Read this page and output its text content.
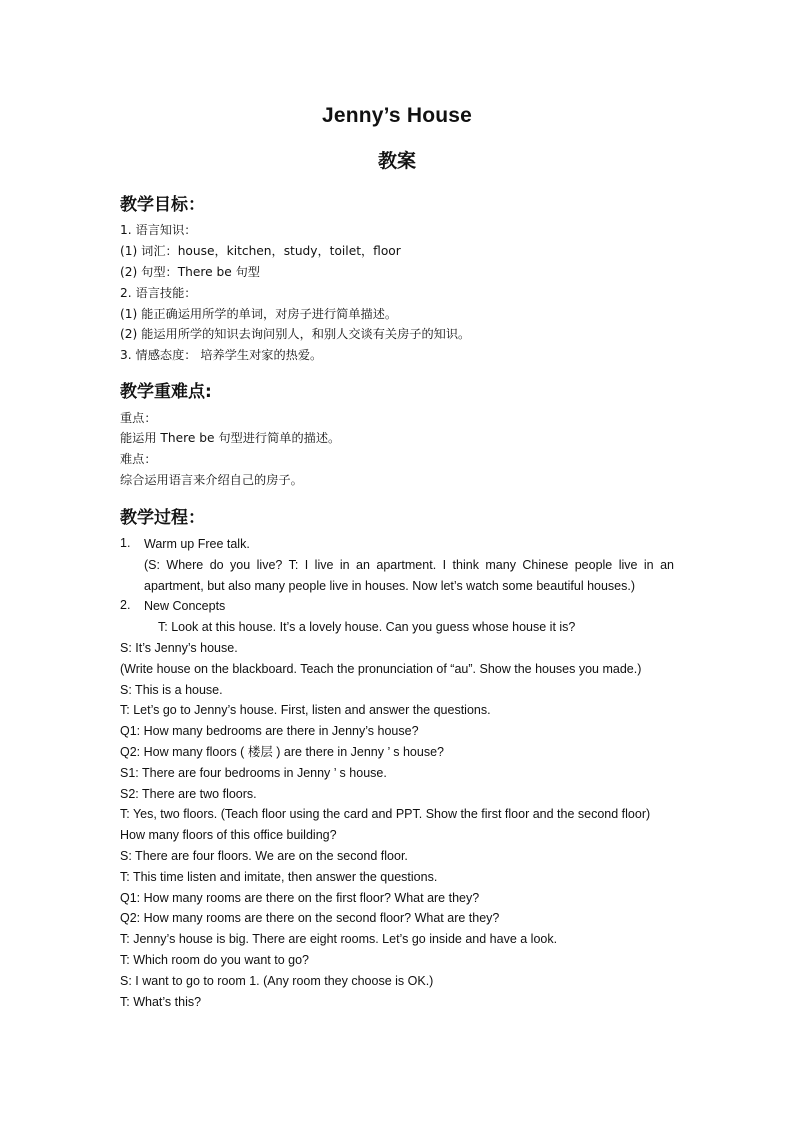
Jenny’s House
教案
教学目标：
1. 语言知识：
(1) 词汇：house，kitchen，study，toilet，floor
(2) 句型：There be 句型
2. 语言技能：
(1) 能正确运用所学的单词，对房子进行简单描述。
(2) 能运用所学的知识去询问别人，和别人交谈有关房子的知识。
3. 情感态度： 培养学生对家的热爱。
教学重难点:
重点：
能运用 There be 句型进行简单的描述。
难点：
综合运用语言来介绍自己的房子。
教学过程：
1. Warm up Free talk.
(S: Where do you live? T: I live in an apartment. I think many Chinese people live in an
apartment, but also many people live in houses. Now let’s watch some beautiful houses.)
2. New Concepts
T: Look at this house. It’s a lovely house. Can you guess whose house it is?
S: It’s Jenny’s house.
(Write house on the blackboard. Teach the pronunciation of “au”. Show the houses you made.)
S: This is a house.
T: Let’s go to Jenny’s house. First, listen and answer the questions.
Q1: How many bedrooms are there in Jenny’s house?
Q2: How many floors ( 楼层 ) are there in Jenny ’ s house?
S1: There are four bedrooms in Jenny ’ s house.
S2: There are two floors.
T: Yes, two floors. (Teach floor using the card and PPT. Show the first floor and the second floor)
How many floors of this office building?
S: There are four floors. We are on the second floor.
T: This time listen and imitate, then answer the questions.
Q1: How many rooms are there on the first floor? What are they?
Q2: How many rooms are there on the second floor? What are they?
T: Jenny’s house is big. There are eight rooms. Let’s go inside and have a look.
T: Which room do you want to go?
S: I want to go to room 1. (Any room they choose is OK.)
T: What’s this?
